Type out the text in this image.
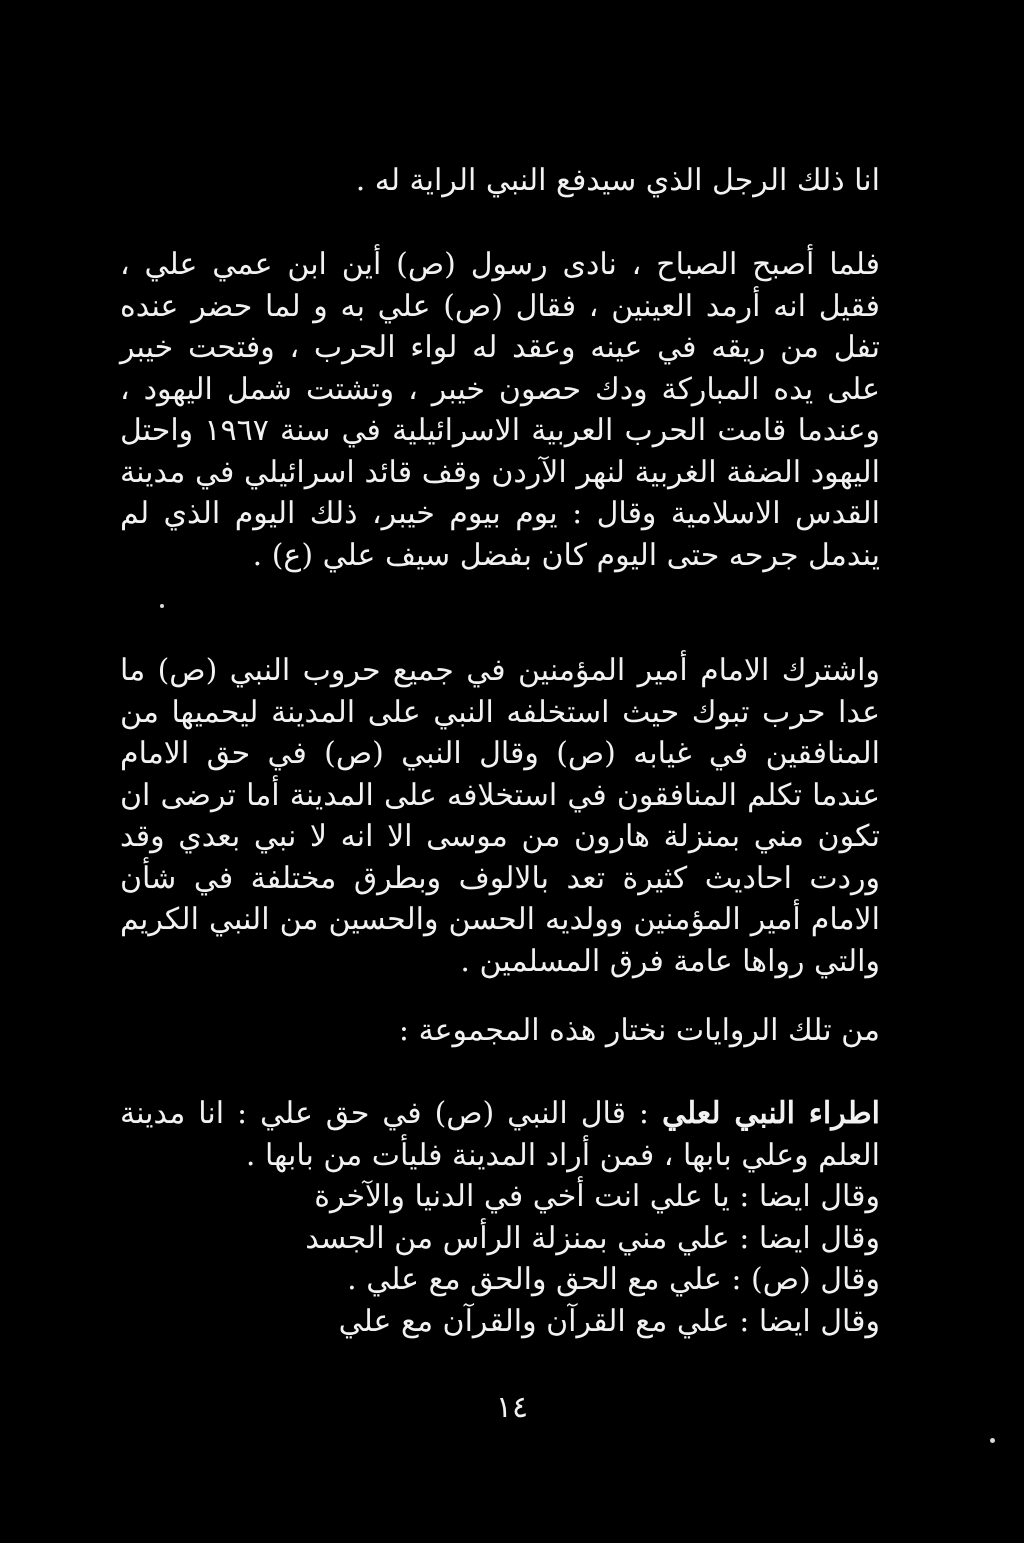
انا ذلك الرجل الذي سيدفع النبي الراية له .

فلما أصبح الصباح ، نادى رسول (ص) أين ابن عمي علي ، فقيل انه أرمد العينين ، فقال (ص) علي به و لما حضر عنده تفل من ريقه في عينه وعقد له لواء الحرب ، وفتحت خيبر على يده المباركة ودك حصون خيبر ، وتشتت شمل اليهود ، وعندما قامت الحرب العربية الاسرائيلية في سنة ١٩٦٧ واحتل اليهود الضفة الغربية لنهر الآردن وقف قائد اسرائيلي في مدينة القدس الاسلامية وقال : يوم بيوم خيبر، ذلك اليوم الذي لم يندمل جرحه حتى اليوم كان بفضل سيف علي (ع) .

واشترك الامام أمير المؤمنين في جميع حروب النبي (ص) ما عدا حرب تبوك حيث استخلفه النبي على المدينة ليحميها من المنافقين في غيابه (ص) وقال النبي (ص) في حق الامام عندما تكلم المنافقون في استخلافه على المدينة أما ترضى ان تكون مني بمنزلة هارون من موسى الا انه لا نبي بعدي وقد وردت احاديث كثيرة تعد بالالوف وبطرق مختلفة في شأن الامام أمير المؤمنين وولديه الحسن والحسين من النبي الكريم والتي رواها عامة فرق المسلمين .

من تلك الروايات نختار هذه المجموعة :

اطراء النبي لعلي : قال النبي (ص) في حق علي : انا مدينة العلم وعلي بابها ، فمن أراد المدينة فليأت من بابها .

وقال ايضا : يا علي انت أخي في الدنيا والآخرة

وقال ايضا : علي مني بمنزلة الرأس من الجسد

وقال (ص) : علي مع الحق والحق مع علي .

وقال ايضا : علي مع القرآن والقرآن مع علي

١٤
